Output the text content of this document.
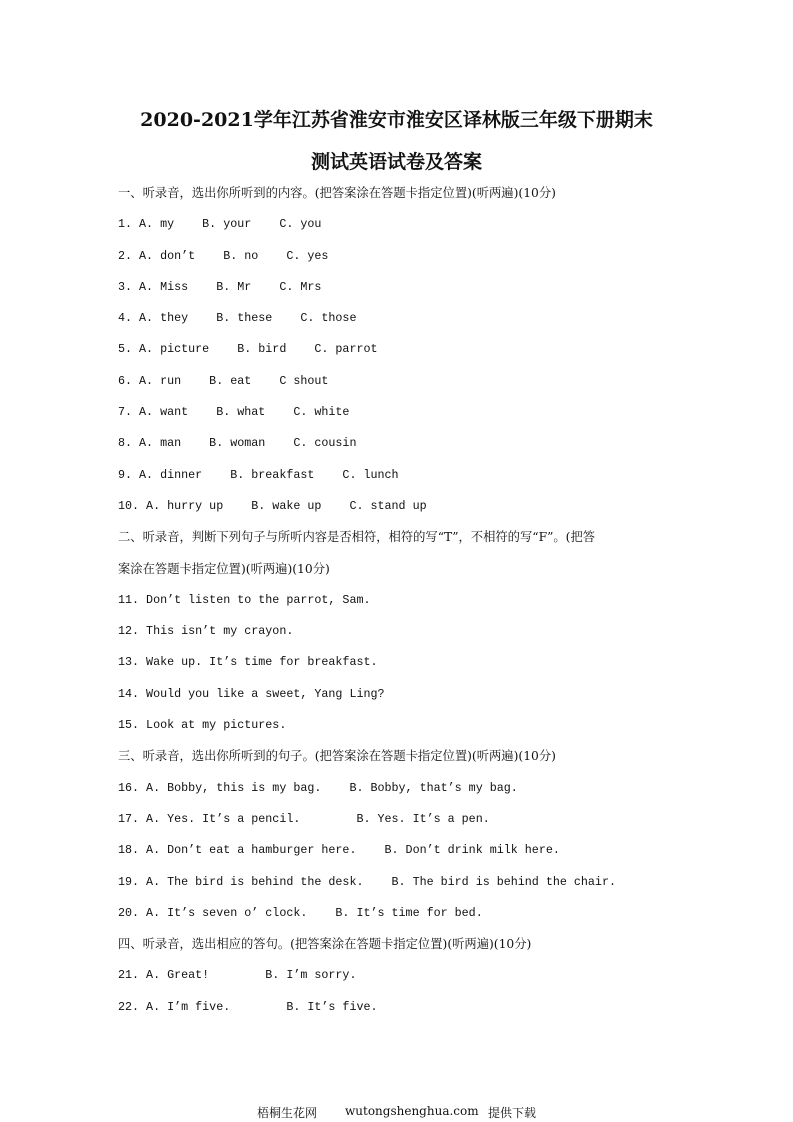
2020-2021学年江苏省淮安市淮安区译林版三年级下册期末
测试英语试卷及答案
一、听录音，选出你所听到的内容。(把答案涂在答题卡指定位置)(听两遍)(10分)
1. A. my    B. your    C. you
2. A. don’t    B. no    C. yes
3. A. Miss    B. Mr    C. Mrs
4. A. they    B. these    C. those
5. A. picture    B. bird    C. parrot
6. A. run    B. eat    C shout
7. A. want    B. what    C. white
8. A. man    B. woman    C. cousin
9. A. dinner    B. breakfast    C. lunch
10. A. hurry up    B. wake up    C. stand up
二、听录音，判断下列句子与所听内容是否相符，相符的写“T”，不相符的写“F”。(把答
案涂在答题卡指定位置)(听两遍)(10分)
11. Don’t listen to the parrot, Sam.
12. This isn’t my crayon.
13. Wake up. It’s time for breakfast.
14. Would you like a sweet, Yang Ling?
15. Look at my pictures.
三、听录音，选出你所听到的句子。(把答案涂在答题卡指定位置)(听两遍)(10分)
16. A. Bobby, this is my bag.    B. Bobby, that’s my bag.
17. A. Yes. It’s a pencil.        B. Yes. It’s a pen.
18. A. Don’t eat a hamburger here.    B. Don’t drink milk here.
19. A. The bird is behind the desk.    B. The bird is behind the chair.
20. A. It’s seven o’ clock.    B. It’s time for bed.
四、听录音，选出相应的答句。(把答案涂在答题卡指定位置)(听两遍)(10分)
21. A. Great!        B. I’m sorry.
22. A. I’m five.        B. It’s five.
梧桐生花网 wutongshenghua.com 提供下载
